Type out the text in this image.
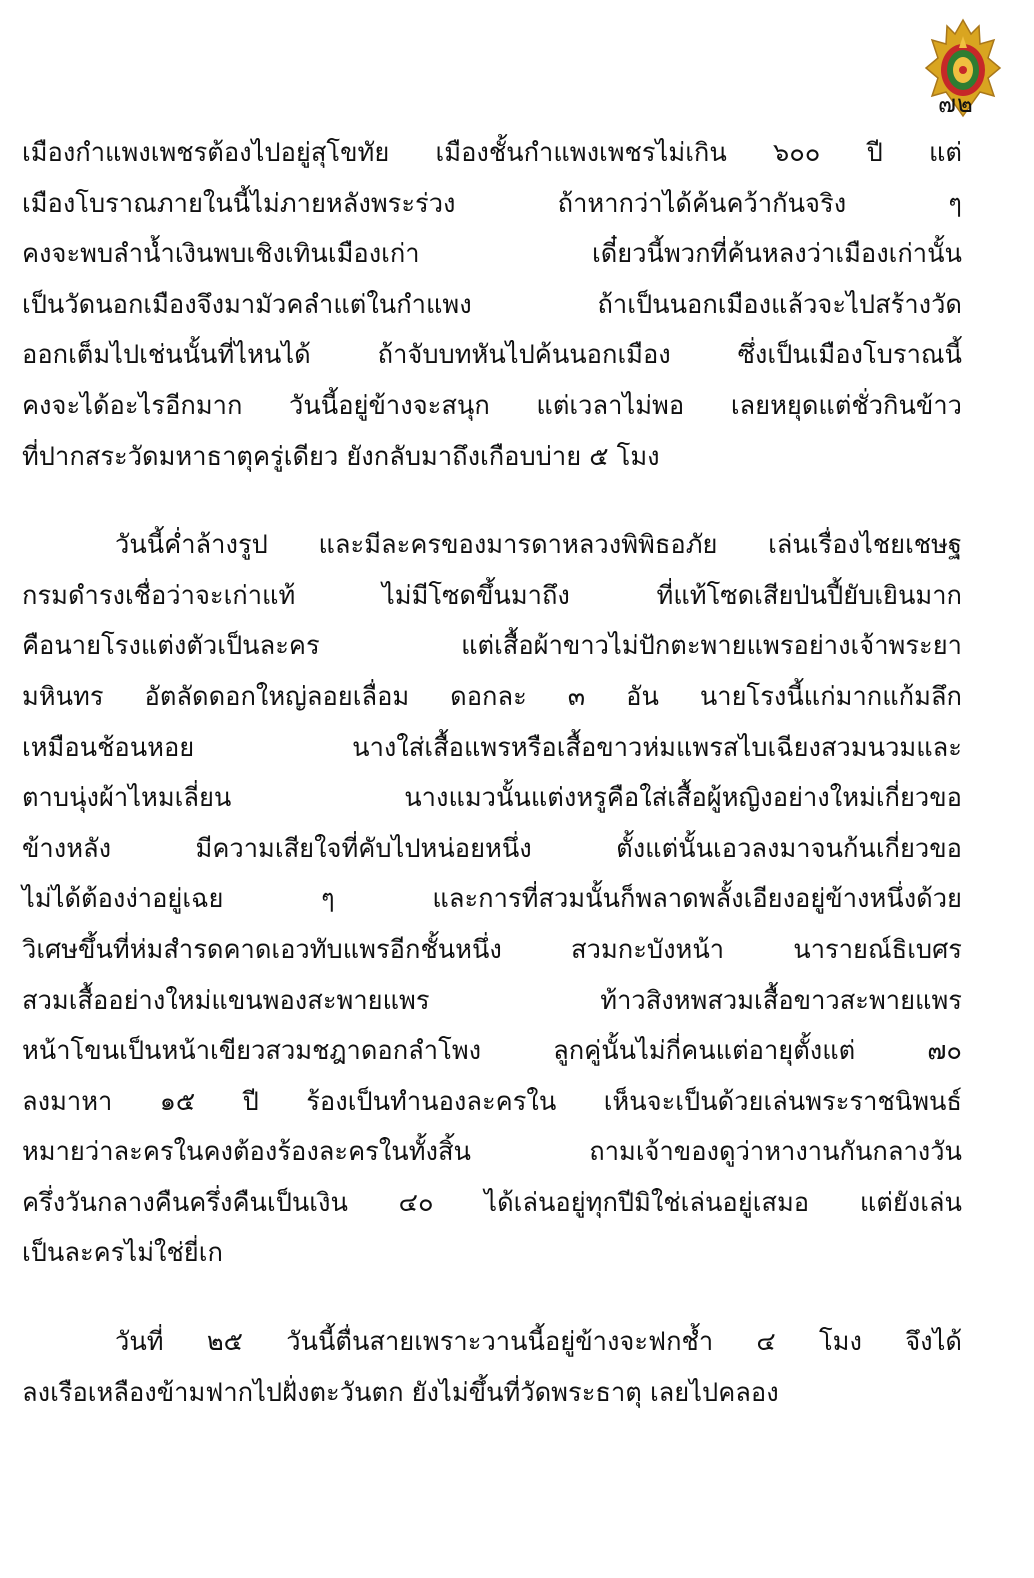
๗๒
เมืองกำแพงเพชรต้องไปอยู่สุโขทัย เมืองชั้นกำแพงเพชรไม่เกิน ๖๐๐ ปี แต่
เมืองโบราณภายในนี้ไม่ภายหลังพระร่วง ถ้าหากว่าได้ค้นคว้ากันจริง ๆ
คงจะพบลำน้ำเงินพบเชิงเทินเมืองเก่า เดี๋ยวนี้พวกที่ค้นหลงว่าเมืองเก่านั้น
เป็นวัดนอกเมืองจึงมามัวคลำแต่ในกำแพง ถ้าเป็นนอกเมืองแล้วจะไปสร้างวัด
ออกเต็มไปเช่นนั้นที่ไหนได้ ถ้าจับบทหันไปค้นนอกเมือง ซึ่งเป็นเมืองโบราณนี้
คงจะได้อะไรอีกมาก วันนี้อยู่ข้างจะสนุก แต่เวลาไม่พอ เลยหยุดแต่ชั่วกินข้าว
ที่ปากสระวัดมหาธาตุครู่เดียว ยังกลับมาถึงเกือบบ่าย ๕ โมง
วันนี้ค่ำล้างรูป และมีละครของมารดาหลวงพิพิธอภัย เล่นเรื่องไชยเชษฐ
กรมดำรงเชื่อว่าจะเก่าแท้ ไม่มีโซดขึ้นมาถึง ที่แท้โซดเสียป่นปี้ยับเยินมาก
คือนายโรงแต่งตัวเป็นละคร แต่เสื้อผ้าขาวไม่ปักตะพายแพรอย่างเจ้าพระยา
มหินทร อัตลัดดอกใหญ่ลอยเลื่อม ดอกละ ๓ อัน นายโรงนี้แก่มากแก้มลึก
เหมือนช้อนหอย นางใส่เสื้อแพรหรือเสื้อขาวห่มแพรสไบเฉียงสวมนวมและ
ตาบนุ่งผ้าไหมเลี่ยน นางแมวนั้นแต่งหรูคือใส่เสื้อผู้หญิงอย่างใหม่เกี่ยวขอ
ข้างหลัง มีความเสียใจที่คับไปหน่อยหนึ่ง ตั้งแต่นั้นเอวลงมาจนก้นเกี่ยวขอ
ไม่ได้ต้องง่าอยู่เฉย ๆ และการที่สวมนั้นก็พลาดพลั้งเอียงอยู่ข้างหนึ่งด้วย
วิเศษขึ้นที่ห่มสำรดคาดเอวทับแพรอีกชั้นหนึ่ง สวมกะบังหน้า นารายณ์ธิเบศร
สวมเสื้ออย่างใหม่แขนพองสะพายแพร ท้าวสิงหพสวมเสื้อขาวสะพายแพร
หน้าโขนเป็นหน้าเขียวสวมชฎาดอกลำโพง ลูกคู่นั้นไม่กี่คนแต่อายุตั้งแต่ ๗๐
ลงมาหา ๑๕ ปี ร้องเป็นทำนองละครใน เห็นจะเป็นด้วยเล่นพระราชนิพนธ์
หมายว่าละครในคงต้องร้องละครในทั้งสิ้น ถามเจ้าของดูว่าหางานกันกลางวัน
ครึ่งวันกลางคืนครึ่งคืนเป็นเงิน ๔๐ ได้เล่นอยู่ทุกปีมิใช่เล่นอยู่เสมอ แต่ยังเล่น
เป็นละครไม่ใช่ยี่เก
วันที่ ๒๕ วันนี้ตื่นสายเพราะวานนี้อยู่ข้างจะฟกช้ำ ๔ โมง จึงได้
ลงเรือเหลืองข้ามฟากไปฝั่งตะวันตก ยังไม่ขึ้นที่วัดพระธาตุ เลยไปคลอง
